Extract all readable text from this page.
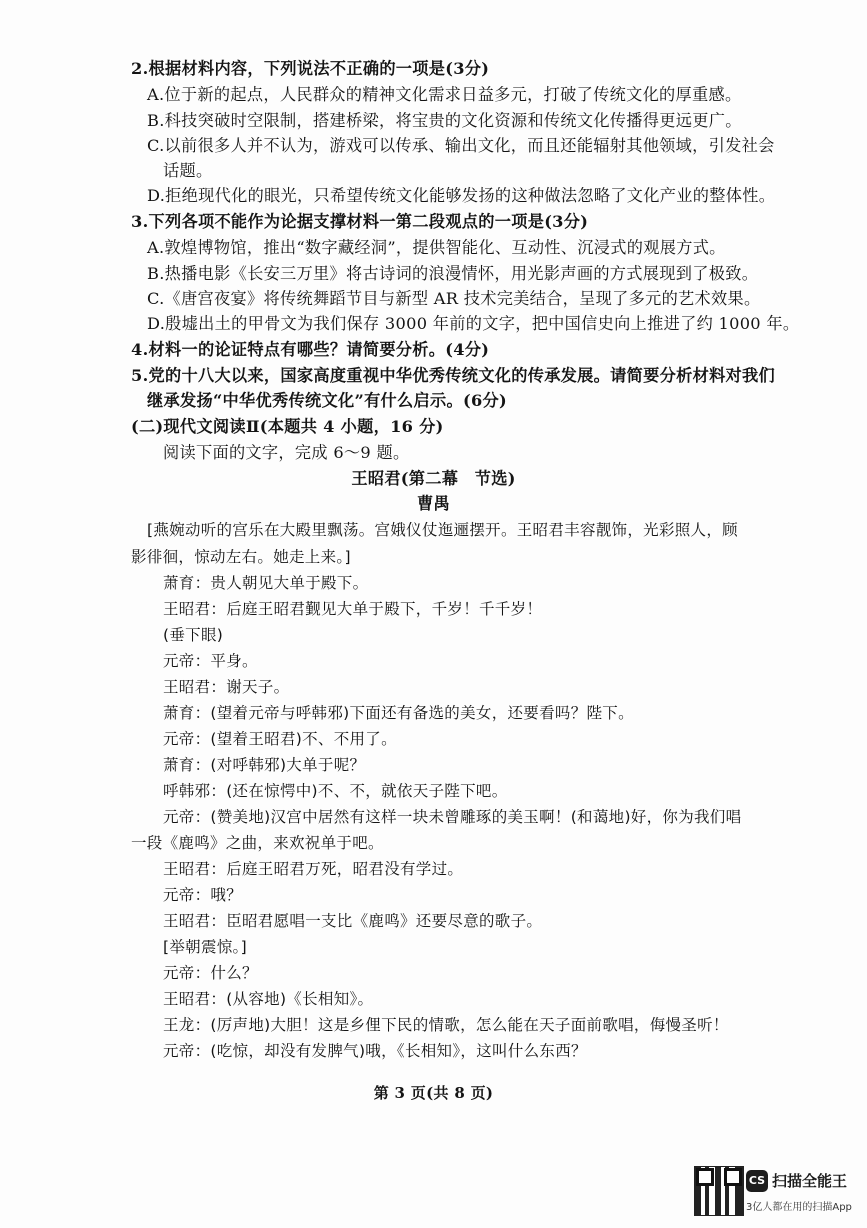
2.根据材料内容，下列说法不正确的一项是(3分)
A.位于新的起点，人民群众的精神文化需求日益多元，打破了传统文化的厚重感。
B.科技突破时空限制，搭建桥梁，将宝贵的文化资源和传统文化传播得更远更广。
C.以前很多人并不认为，游戏可以传承、输出文化，而且还能辐射其他领域，引发社会
话题。
D.拒绝现代化的眼光，只希望传统文化能够发扬的这种做法忽略了文化产业的整体性。
3.下列各项不能作为论据支撑材料一第二段观点的一项是(3分)
A.敦煌博物馆，推出“数字藏经洞”，提供智能化、互动性、沉浸式的观展方式。
B.热播电影《长安三万里》将古诗词的浪漫情怀，用光影声画的方式展现到了极致。
C.《唐宫夜宴》将传统舞蹈节目与新型 AR 技术完美结合，呈现了多元的艺术效果。
D.殷墟出土的甲骨文为我们保存 3000 年前的文字，把中国信史向上推进了约 1000 年。
4.材料一的论证特点有哪些？请简要分析。(4分)
5.党的十八大以来，国家高度重视中华优秀传统文化的传承发展。请简要分析材料对我们
继承发扬“中华优秀传统文化”有什么启示。(6分)
(二)现代文阅读Ⅱ(本题共 4 小题，16 分)
阅读下面的文字，完成 6～9 题。
王昭君(第二幕　节选)
曹禺
[燕婉动听的宫乐在大殿里飘荡。宫娥仪仗迤逦摆开。王昭君丰容靓饰，光彩照人，顾
影徘徊，惊动左右。她走上来。]
萧育：贵人朝见大单于殿下。
王昭君：后庭王昭君觐见大单于殿下，千岁！千千岁！
(垂下眼)
元帝：平身。
王昭君：谢天子。
萧育：(望着元帝与呼韩邪)下面还有备选的美女，还要看吗？陛下。
元帝：(望着王昭君)不、不用了。
萧育：(对呼韩邪)大单于呢？
呼韩邪：(还在惊愕中)不、不，就依天子陛下吧。
元帝：(赞美地)汉宫中居然有这样一块未曾雕琢的美玉啊！(和蔼地)好，你为我们唱
一段《鹿鸣》之曲，来欢祝单于吧。
王昭君：后庭王昭君万死，昭君没有学过。
元帝：哦？
王昭君：臣昭君愿唱一支比《鹿鸣》还要尽意的歌子。
[举朝震惊。]
元帝：什么？
王昭君：(从容地)《长相知》。
王龙：(厉声地)大胆！这是乡俚下民的情歌，怎么能在天子面前歌唱，侮慢圣听！
元帝：(吃惊，却没有发脾气)哦，《长相知》，这叫什么东西？
第 3 页(共 8 页)
CS 扫描全能王
3亿人都在用的扫描App
